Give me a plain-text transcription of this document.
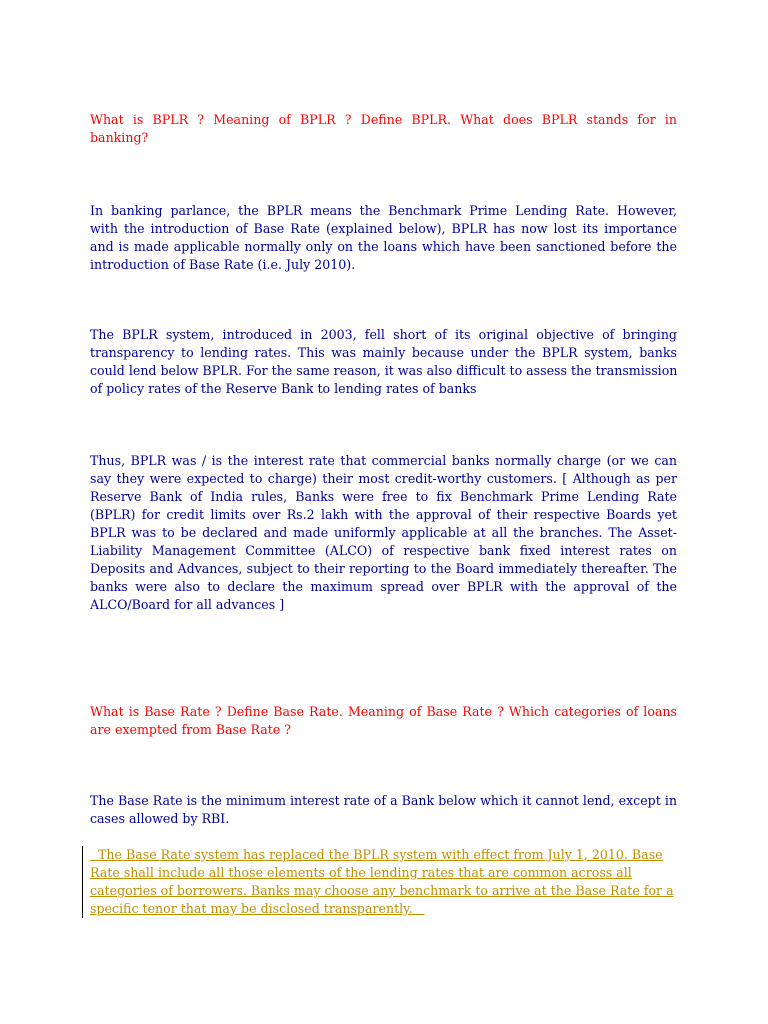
What is BPLR ? Meaning of BPLR ? Define BPLR. What does BPLR stands for in
banking?

In banking parlance, the BPLR means the Benchmark Prime Lending Rate. However,
with the introduction of Base Rate (explained below), BPLR has now lost its importance
and is made applicable normally only on the loans which have been sanctioned before the
introduction of Base Rate (i.e. July 2010).

The BPLR system, introduced in 2003, fell short of its original objective of bringing
transparency to lending rates. This was mainly because under the BPLR system, banks
could lend below BPLR. For the same reason, it was also difficult to assess the transmission
of policy rates of the Reserve Bank to lending rates of banks

Thus, BPLR was / is the interest rate that commercial banks normally charge (or we can
say they were expected to charge) their most credit-worthy customers. [ Although as per
Reserve Bank of India rules, Banks were free to fix Benchmark Prime Lending Rate
(BPLR) for credit limits over Rs.2 lakh with the approval of their respective Boards yet
BPLR was to be declared and made uniformly applicable at all the branches. The Asset-
Liability Management Committee (ALCO) of respective bank fixed interest rates on
Deposits and Advances, subject to their reporting to the Board immediately thereafter. The
banks were also to declare the maximum spread over BPLR with the approval of the
ALCO/Board for all advances ]

What is Base Rate ? Define Base Rate. Meaning of Base Rate ? Which categories of loans
are exempted from Base Rate ?

The Base Rate is the minimum interest rate of a Bank below which it cannot lend, except in
cases allowed by RBI.

The Base Rate system has replaced the BPLR system with effect from July 1, 2010. Base
Rate shall include all those elements of the lending rates that are common across all
categories of borrowers. Banks may choose any benchmark to arrive at the Base Rate for a
specific tenor that may be disclosed transparently.
